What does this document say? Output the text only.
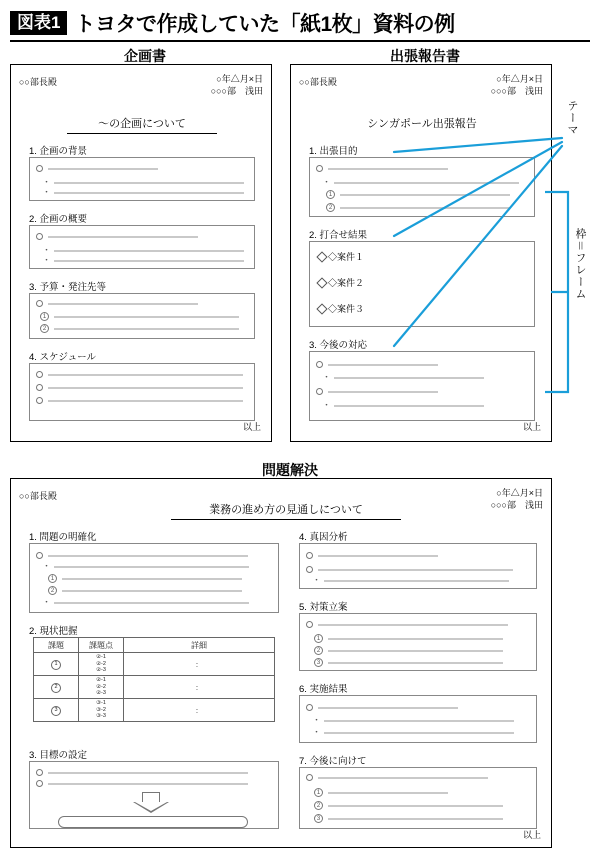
図表1 トヨタで作成していた「紙1枚」資料の例
企画書	出張報告書
問題解決
○○部長殿	○年△月×日
○○○部　浅田
～の企画について
1. 企画の背景
・
・
2. 企画の概要
・
・
3. 予算・発注先等
1
2
4. スケジュール
以上
○○部長殿	○年△月×日
○○○部　浅田
シンガポール出張報告
1. 出張目的
・
1
2
2. 打合せ結果
◇案件１
◇案件２
◇案件３
3. 今後の対応
・
・
以上
○○部長殿	○年△月×日
○○○部　浅田
業務の進め方の見通しについて
1. 問題の明確化
・
1
2
・
2. 現状把握
課題	課題点	詳細
1	②-1
②-2
②-3	：
2	②-1
②-2
②-3	：
3	③-1
③-2
③-3	：
3. 目標の設定
4. 真因分析
・
5. 対策立案
1
2
3
6. 実施結果
・
・
7. 今後に向けて
1
2
3
以上
テーマ
枠＝フレーム
